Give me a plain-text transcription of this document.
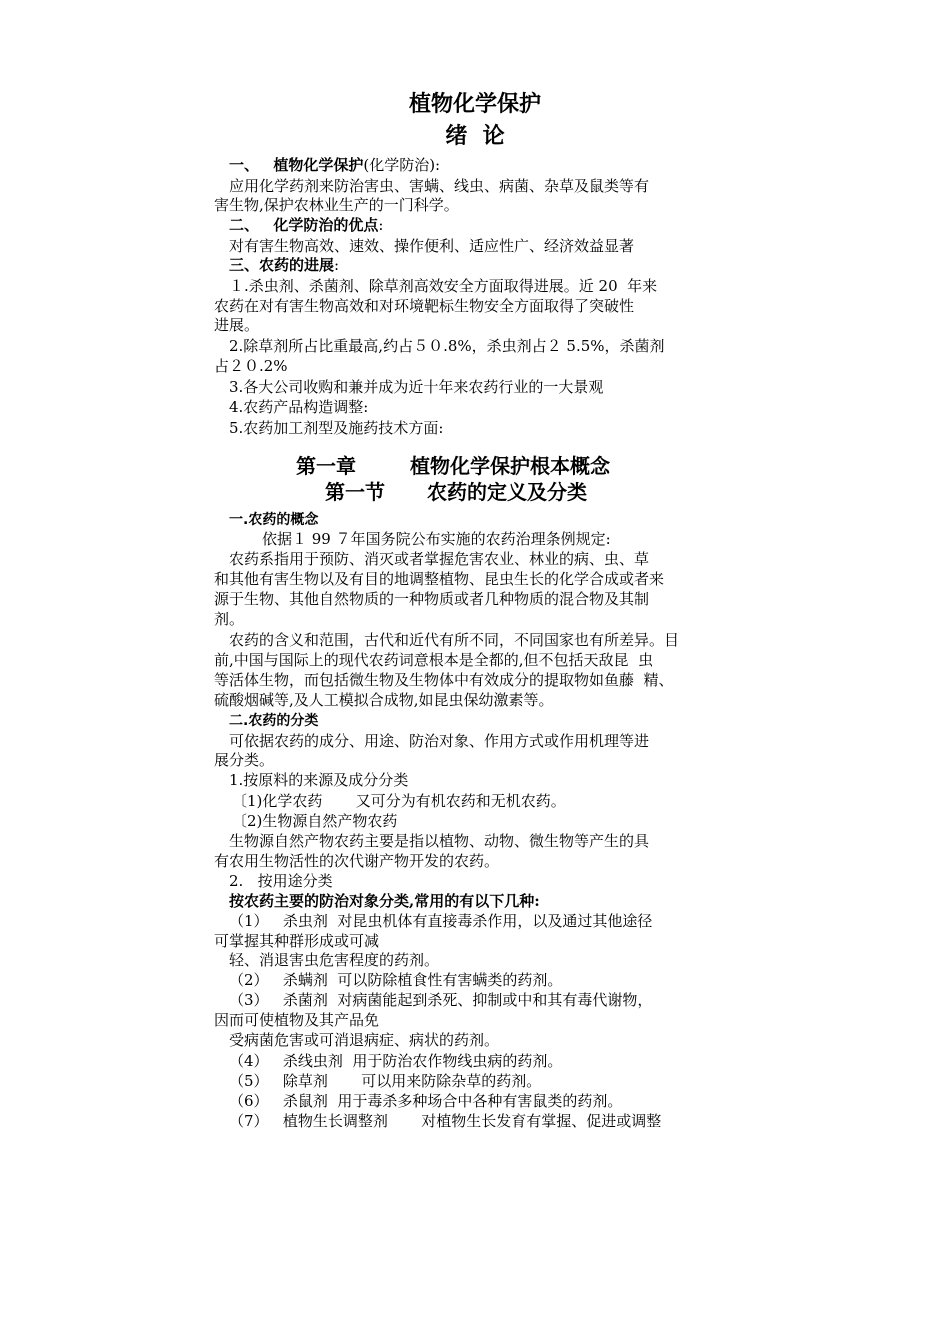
植物化学保护
绪  论
一、 植物化学保护(化学防治):
应用化学药剂来防治害虫、害螨、线虫、病菌、杂草及鼠类等有
害生物,保护农林业生产的一门科学。
二、 化学防治的优点:
对有害生物高效、速效、操作便利、适应性广、经济效益显著
三、农药的进展:
１.杀虫剂、杀菌剂、除草剂高效安全方面取得进展。近 20  年来
农药在对有害生物高效和对环境靶标生物安全方面取得了突破性
进展。
2.除草剂所占比重最高,约占５０.8%，杀虫剂占２ 5.5%，杀菌剂
占２０.2%
3.各大公司收购和兼并成为近十年来农药行业的一大景观
4.农药产品构造调整:
5.农药加工剂型及施药技术方面:
第一章	植物化学保护根本概念
第一节 农药的定义及分类
一.农药的概念
依据１ 99 ７年国务院公布实施的农药治理条例规定:
农药系指用于预防、消灭或者掌握危害农业、林业的病、虫、草
和其他有害生物以及有目的地调整植物、昆虫生长的化学合成或者来
源于生物、其他自然物质的一种物质或者几种物质的混合物及其制
剂。
农药的含义和范围，古代和近代有所不同，不同国家也有所差异。目
前,中国与国际上的现代农药词意根本是全都的,但不包括天敌昆  虫
等活体生物，而包括微生物及生物体中有效成分的提取物如鱼藤  精、
硫酸烟碱等,及人工模拟合成物,如昆虫保幼激素等。
二.农药的分类
可依据农药的成分、用途、防治对象、作用方式或作用机理等进
展分类。
1.按原料的来源及成分分类
〔1)化学农药       又可分为有机农药和无机农药。
〔2)生物源自然产物农药
生物源自然产物农药主要是指以植物、动物、微生物等产生的具
有农用生物活性的次代谢产物开发的农药。
2.   按用途分类
按农药主要的防治对象分类,常用的有以下几种:
（1）   杀虫剂  对昆虫机体有直接毒杀作用，以及通过其他途径
可掌握其种群形成或可减
轻、消退害虫危害程度的药剂。
（2）   杀螨剂  可以防除植食性有害螨类的药剂。
（3）   杀菌剂  对病菌能起到杀死、抑制或中和其有毒代谢物，
因而可使植物及其产品免
受病菌危害或可消退病症、病状的药剂。
（4）   杀线虫剂  用于防治农作物线虫病的药剂。
（5）   除草剂       可以用来防除杂草的药剂。
（6）   杀鼠剂  用于毒杀多种场合中各种有害鼠类的药剂。
（7）   植物生长调整剂       对植物生长发育有掌握、促进或调整
